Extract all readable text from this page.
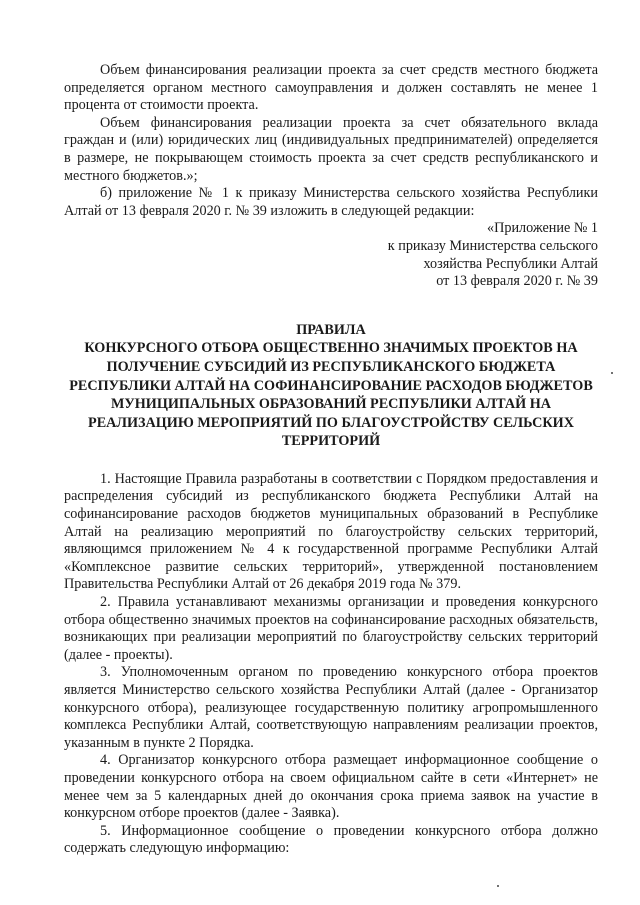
Объем финансирования реализации проекта за счет средств местного бюджета определяется органом местного самоуправления и должен составлять не менее 1 процента от стоимости проекта.

Объем финансирования реализации проекта за счет обязательного вклада граждан и (или) юридических лиц (индивидуальных предпринимателей) определяется в размере, не покрывающем стоимость проекта за счет средств республиканского и местного бюджетов.»;

б) приложение № 1 к приказу Министерства сельского хозяйства Республики Алтай от 13 февраля 2020 г. № 39 изложить в следующей редакции:

«Приложение № 1

к приказу Министерства сельского

хозяйства Республики Алтай

от 13 февраля 2020 г. № 39

ПРАВИЛА

КОНКУРСНОГО ОТБОРА ОБЩЕСТВЕННО ЗНАЧИМЫХ ПРОЕКТОВ НА ПОЛУЧЕНИЕ СУБСИДИЙ ИЗ РЕСПУБЛИКАНСКОГО БЮДЖЕТА РЕСПУБЛИКИ АЛТАЙ НА СОФИНАНСИРОВАНИЕ РАСХОДОВ БЮДЖЕТОВ МУНИЦИПАЛЬНЫХ ОБРАЗОВАНИЙ РЕСПУБЛИКИ АЛТАЙ НА РЕАЛИЗАЦИЮ МЕРОПРИЯТИЙ ПО БЛАГОУСТРОЙСТВУ СЕЛЬСКИХ ТЕРРИТОРИЙ

1. Настоящие Правила разработаны в соответствии с Порядком предоставления и распределения субсидий из республиканского бюджета Республики Алтай на софинансирование расходов бюджетов муниципальных образований в Республике Алтай на реализацию мероприятий по благоустройству сельских территорий, являющимся приложением № 4 к государственной программе Республики Алтай «Комплексное развитие сельских территорий», утвержденной постановлением Правительства Республики Алтай от 26 декабря 2019 года № 379.

2. Правила устанавливают механизмы организации и проведения конкурсного отбора общественно значимых проектов на софинансирование расходных обязательств, возникающих при реализации мероприятий по благоустройству сельских территорий (далее - проекты).

3. Уполномоченным органом по проведению конкурсного отбора проектов является Министерство сельского хозяйства Республики Алтай (далее - Организатор конкурсного отбора), реализующее государственную политику агропромышленного комплекса Республики Алтай, соответствующую направлениям реализации проектов, указанным в пункте 2 Порядка.

4. Организатор конкурсного отбора размещает информационное сообщение о проведении конкурсного отбора на своем официальном сайте в сети «Интернет» не менее чем за 5 календарных дней до окончания срока приема заявок на участие в конкурсном отборе проектов (далее - Заявка).

5. Информационное сообщение о проведении конкурсного отбора должно содержать следующую информацию:
